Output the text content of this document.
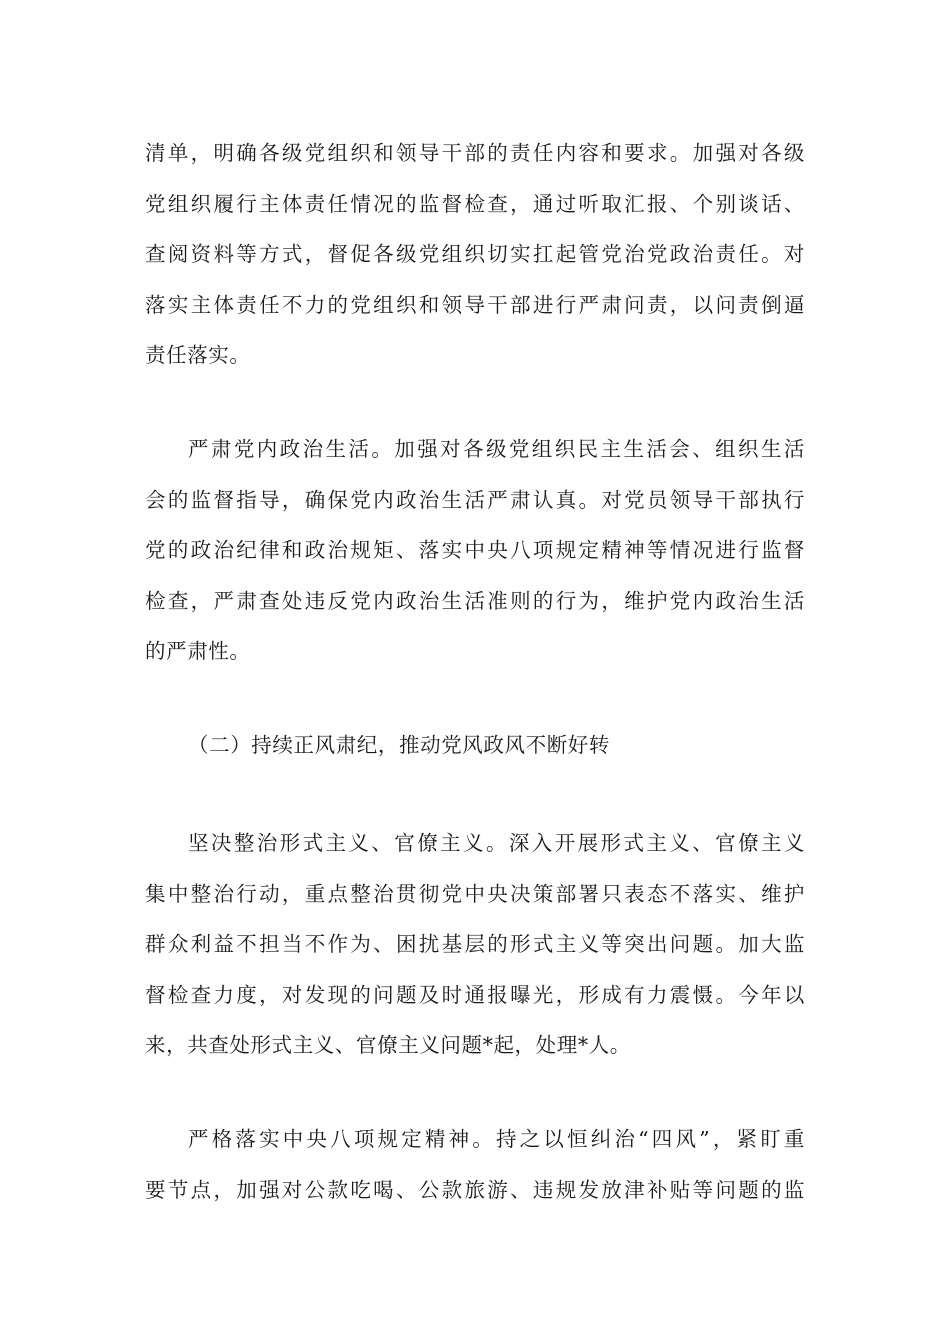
清单，明确各级党组织和领导干部的责任内容和要求。加强对各级
党组织履行主体责任情况的监督检查，通过听取汇报、个别谈话、
查阅资料等方式，督促各级党组织切实扛起管党治党政治责任。对
落实主体责任不力的党组织和领导干部进行严肃问责，以问责倒逼
责任落实。
严肃党内政治生活。加强对各级党组织民主生活会、组织生活
会的监督指导，确保党内政治生活严肃认真。对党员领导干部执行
党的政治纪律和政治规矩、落实中央八项规定精神等情况进行监督
检查，严肃查处违反党内政治生活准则的行为，维护党内政治生活
的严肃性。
（二）持续正风肃纪，推动党风政风不断好转
坚决整治形式主义、官僚主义。深入开展形式主义、官僚主义
集中整治行动，重点整治贯彻党中央决策部署只表态不落实、维护
群众利益不担当不作为、困扰基层的形式主义等突出问题。加大监
督检查力度，对发现的问题及时通报曝光，形成有力震慑。今年以
来，共查处形式主义、官僚主义问题*起，处理*人。
严格落实中央八项规定精神。持之以恒纠治“四风”，紧盯重
要节点，加强对公款吃喝、公款旅游、违规发放津补贴等问题的监
